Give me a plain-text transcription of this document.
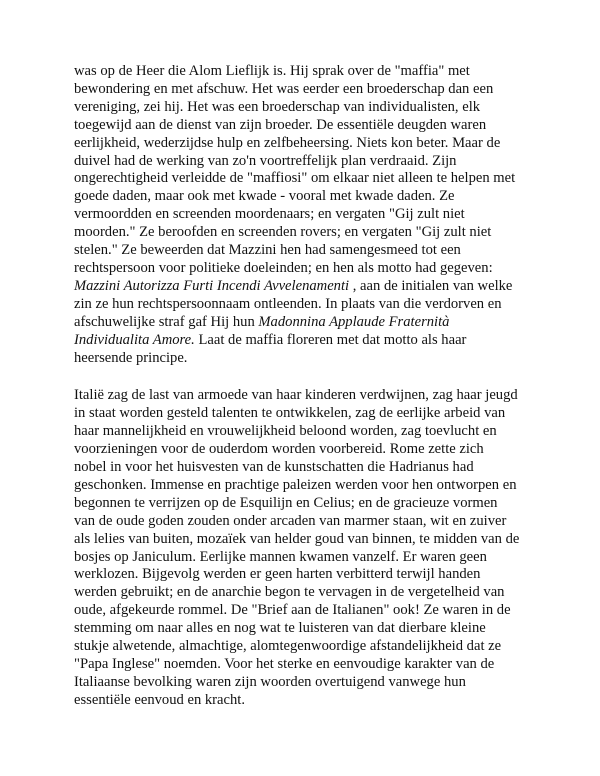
was op de Heer die Alom Lieflijk is. Hij sprak over de "maffia" met
bewondering en met afschuw. Het was eerder een broederschap dan een
vereniging, zei hij. Het was een broederschap van individualisten, elk
toegewijd aan de dienst van zijn broeder. De essentiële deugden waren
eerlijkheid, wederzijdse hulp en zelfbeheersing. Niets kon beter. Maar de
duivel had de werking van zo'n voortreffelijk plan verdraaid. Zijn
ongerechtigheid verleidde de "maffiosi" om elkaar niet alleen te helpen met
goede daden, maar ook met kwade - vooral met kwade daden. Ze
vermoordden en screenden moordenaars; en vergaten "Gij zult niet
moorden." Ze beroofden en screenden rovers; en vergaten "Gij zult niet
stelen." Ze beweerden dat Mazzini hen had samengesmeed tot een
rechtspersoon voor politieke doeleinden; en hen als motto had gegeven:
Mazzini Autorizza Furti Incendi Avvelenamenti , aan de initialen van welke
zin ze hun rechtspersoonnaam ontleenden. In plaats van die verdorven en
afschuwelijke straf gaf Hij hun Madonnina Applaude Fraternità
Individualita Amore. Laat de maffia floreren met dat motto als haar
heersende principe.

Italië zag de last van armoede van haar kinderen verdwijnen, zag haar jeugd
in staat worden gesteld talenten te ontwikkelen, zag de eerlijke arbeid van
haar mannelijkheid en vrouwelijkheid beloond worden, zag toevlucht en
voorzieningen voor de ouderdom worden voorbereid. Rome zette zich
nobel in voor het huisvesten van de kunstschatten die Hadrianus had
geschonken. Immense en prachtige paleizen werden voor hen ontworpen en
begonnen te verrijzen op de Esquilijn en Celius; en de gracieuze vormen
van de oude goden zouden onder arcaden van marmer staan, wit en zuiver
als lelies van buiten, mozaïek van helder goud van binnen, te midden van de
bosjes op Janiculum. Eerlijke mannen kwamen vanzelf. Er waren geen
werklozen. Bijgevolg werden er geen harten verbitterd terwijl handen
werden gebruikt; en de anarchie begon te vervagen in de vergetelheid van
oude, afgekeurde rommel. De "Brief aan de Italianen" ook! Ze waren in de
stemming om naar alles en nog wat te luisteren van dat dierbare kleine
stukje alwetende, almachtige, alomtegenwoordige afstandelijkheid dat ze
"Papa Inglese" noemden. Voor het sterke en eenvoudige karakter van de
Italiaanse bevolking waren zijn woorden overtuigend vanwege hun
essentiële eenvoud en kracht.
